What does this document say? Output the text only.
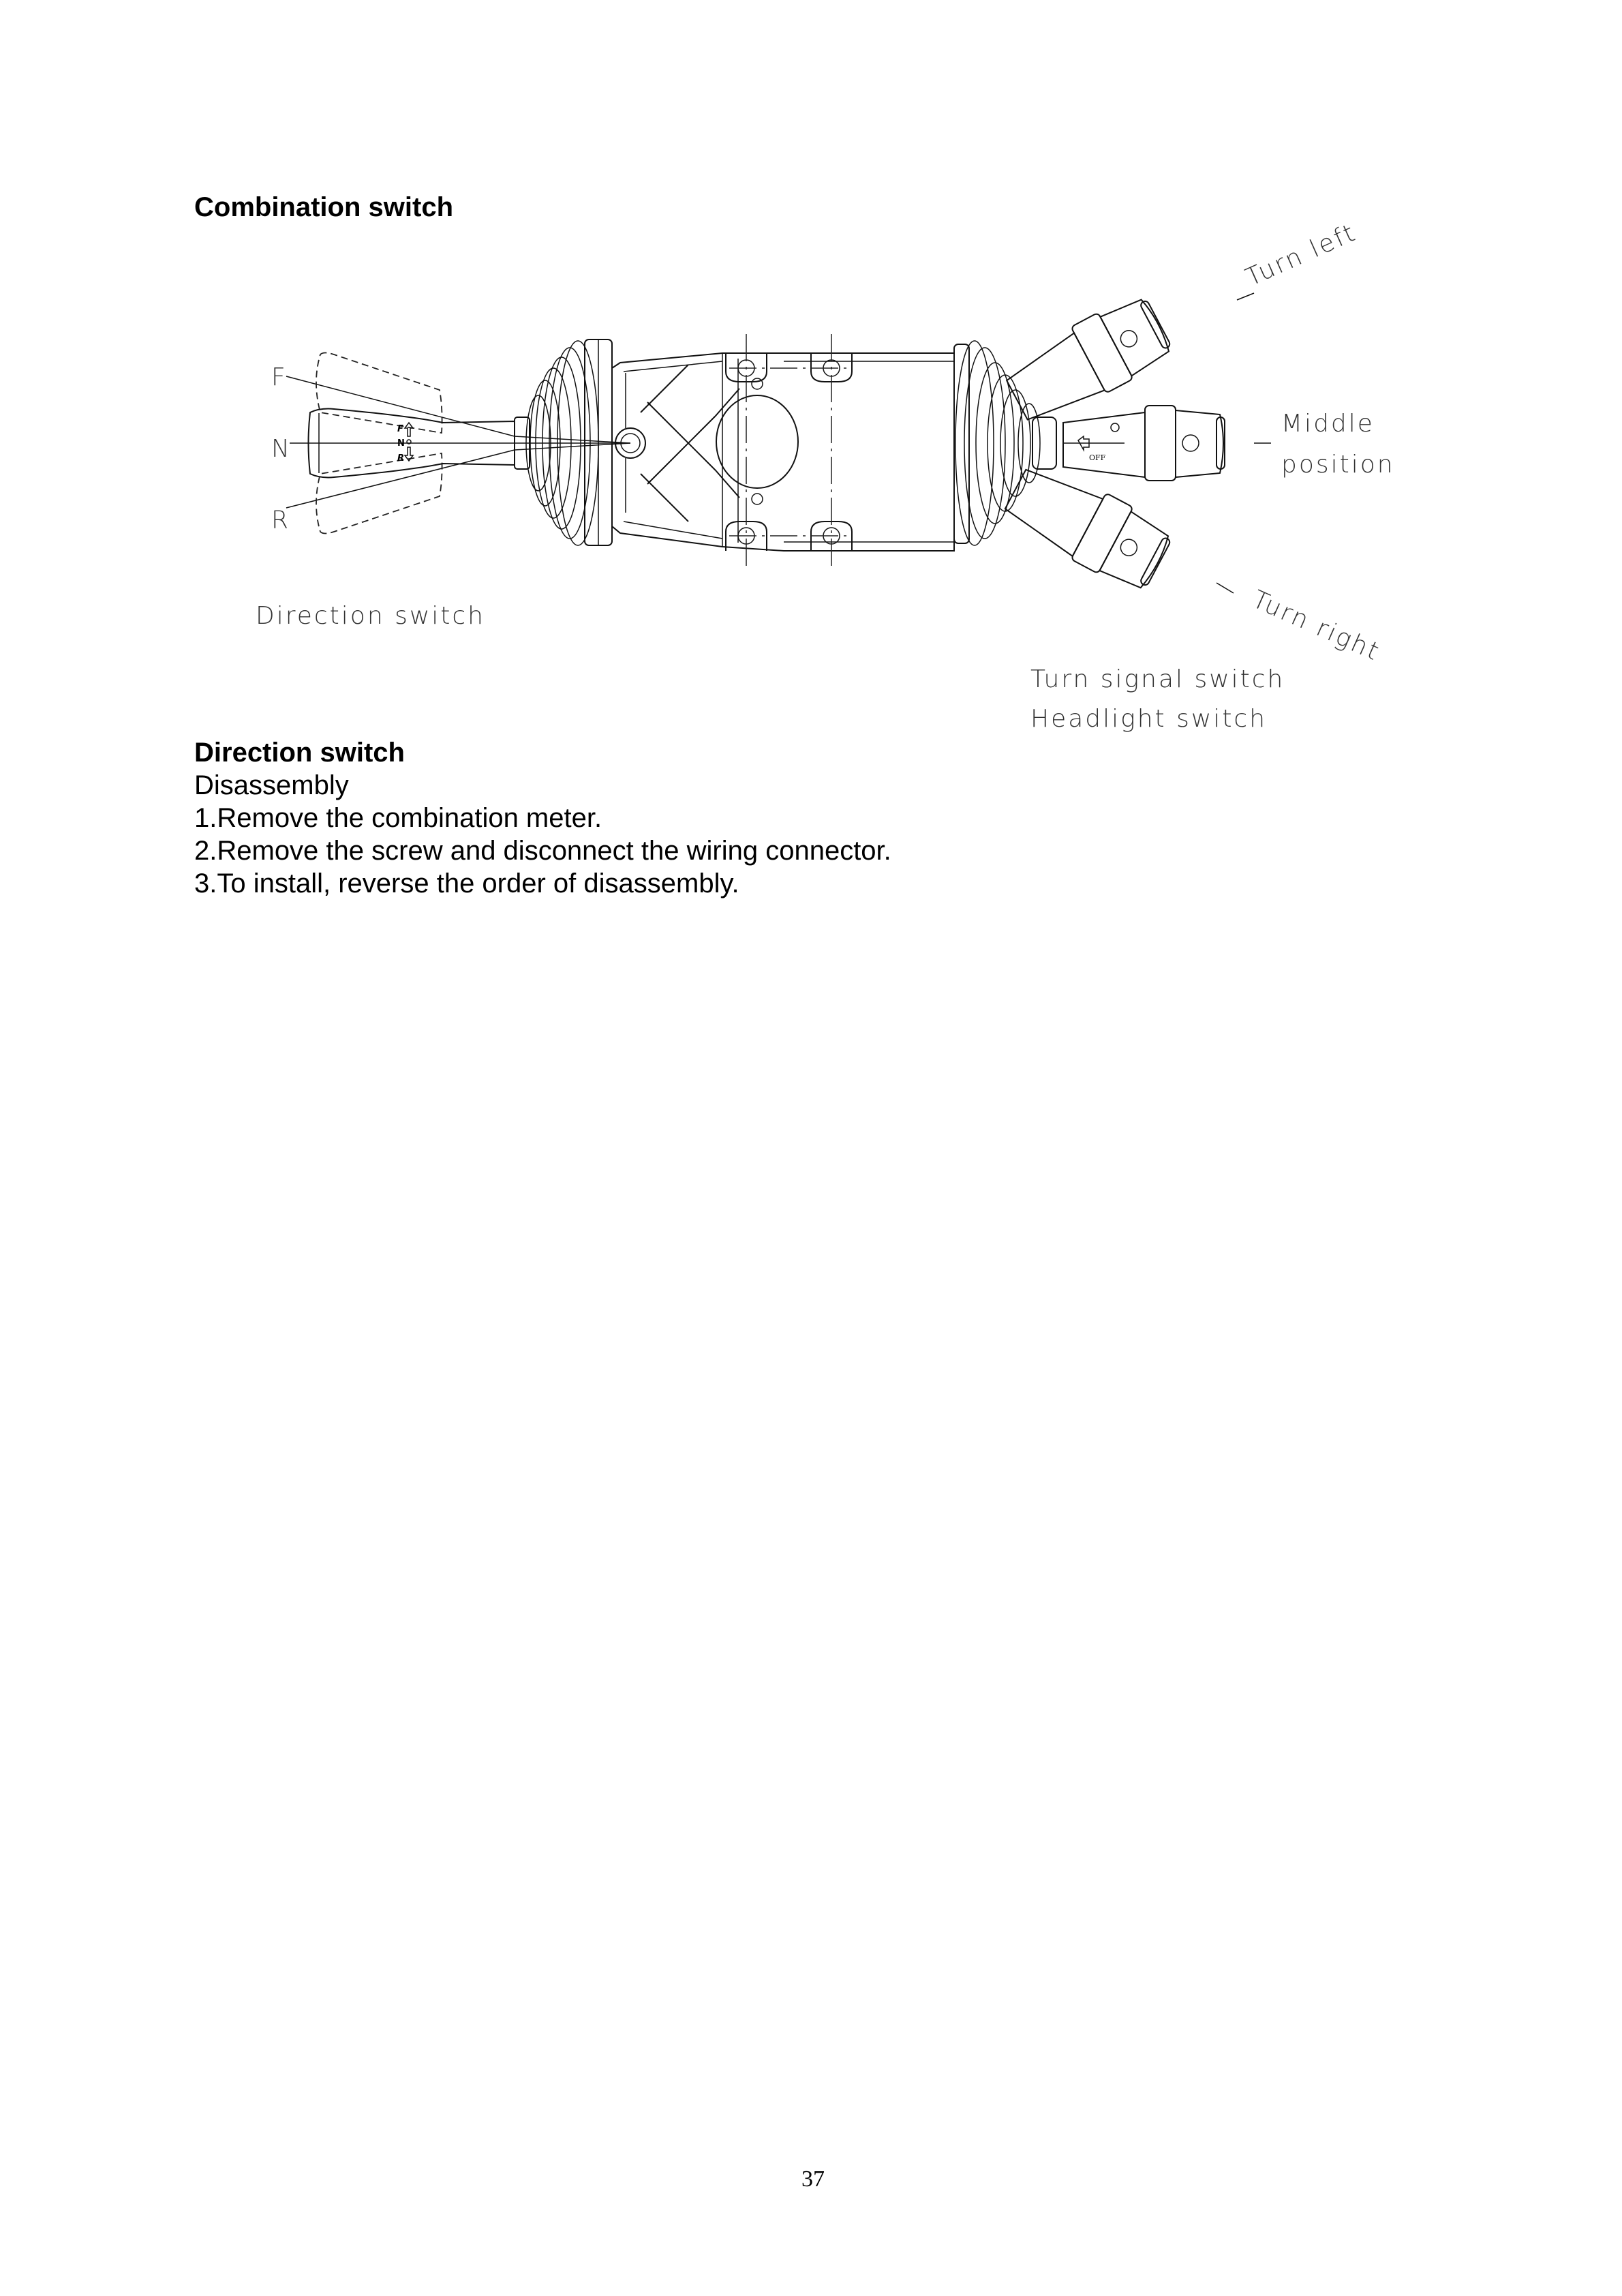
Combination switch
F
N
R
Direction switch
F
N
R	OFF
Turn left
Middle
position
Turn right
Turn signal switch
Headlight switch
Direction switch
Disassembly
1.Remove the combination meter.
2.Remove the screw and disconnect the wiring connector.
3.To install, reverse the order of disassembly.
37
